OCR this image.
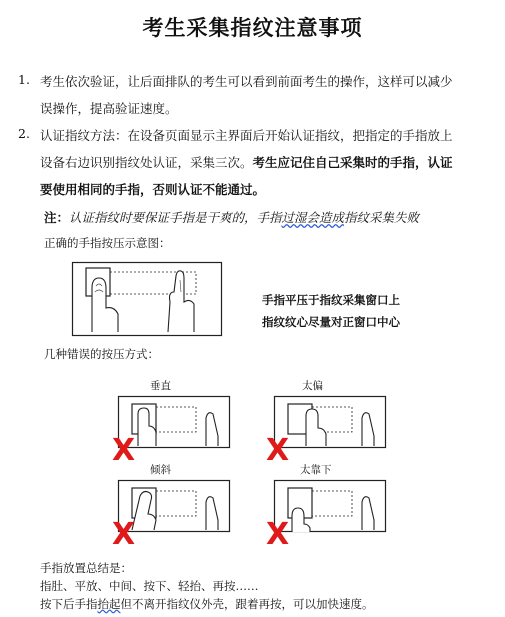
考生采集指纹注意事项
1. 考生依次验证，让后面排队的考生可以看到前面考生的操作，这样可以减少
误操作，提高验证速度。
2. 认证指纹方法：在设备页面显示主界面后开始认证指纹，把指定的手指放上
设备右边识别指纹处认证，采集三次。考生应记住自己采集时的手指，认证
要使用相同的手指，否则认证不能通过。
注：认证指纹时要保证手指是干爽的，手指过湿会造成指纹采集失败
正确的手指按压示意图：
手指平压于指纹采集窗口上
指纹纹心尽量对正窗口中心
几种错误的按压方式：
垂直
X
太偏
X
倾斜
X
太靠下
X
手指放置总结是：
指肚、平放、中间、按下、轻抬、再按……
按下后手指抬起但不离开指纹仪外壳，跟着再按，可以加快速度。
